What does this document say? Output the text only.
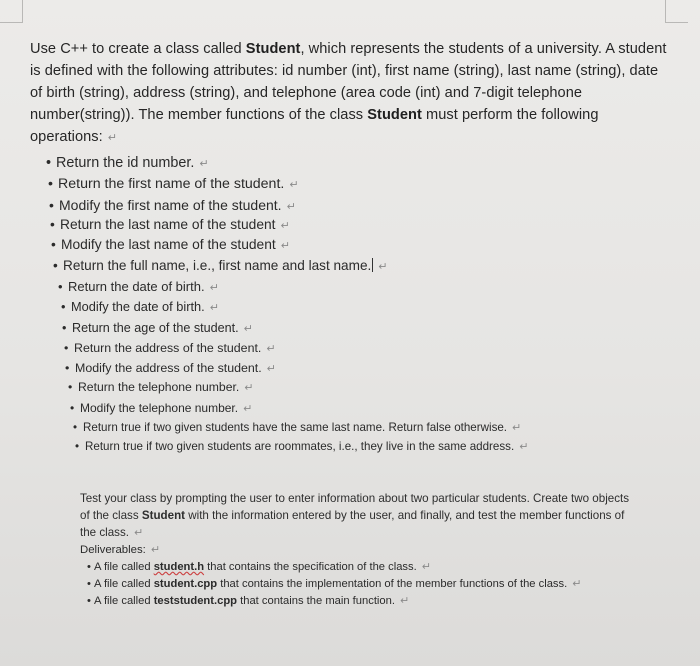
Use C++ to create a class called Student, which represents the students of a university. A student is defined with the following attributes: id number (int), first name (string), last name (string), date of birth (string), address (string), and telephone (area code (int) and 7-digit telephone number(string)). The member functions of the class Student must perform the following operations: ↵

• Return the id number. ↵
• Return the first name of the student. ↵
• Modify the first name of the student. ↵
• Return the last name of the student ↵
• Modify the last name of the student ↵
• Return the full name, i.e., first name and last name. ↵
• Return the date of birth. ↵
• Modify the date of birth. ↵
• Return the age of the student. ↵
• Return the address of the student. ↵
• Modify the address of the student. ↵
• Return the telephone number. ↵
• Modify the telephone number. ↵
• Return true if two given students have the same last name. Return false otherwise. ↵
• Return true if two given students are roommates, i.e., they live in the same address. ↵

Test your class by prompting the user to enter information about two particular students. Create two objects of the class Student with the information entered by the user, and finally, and test the member functions of the class. ↵

Deliverables: ↵
• A file called student.h that contains the specification of the class. ↵
• A file called student.cpp that contains the implementation of the member functions of the class. ↵
• A file called teststudent.cpp that contains the main function. ↵
